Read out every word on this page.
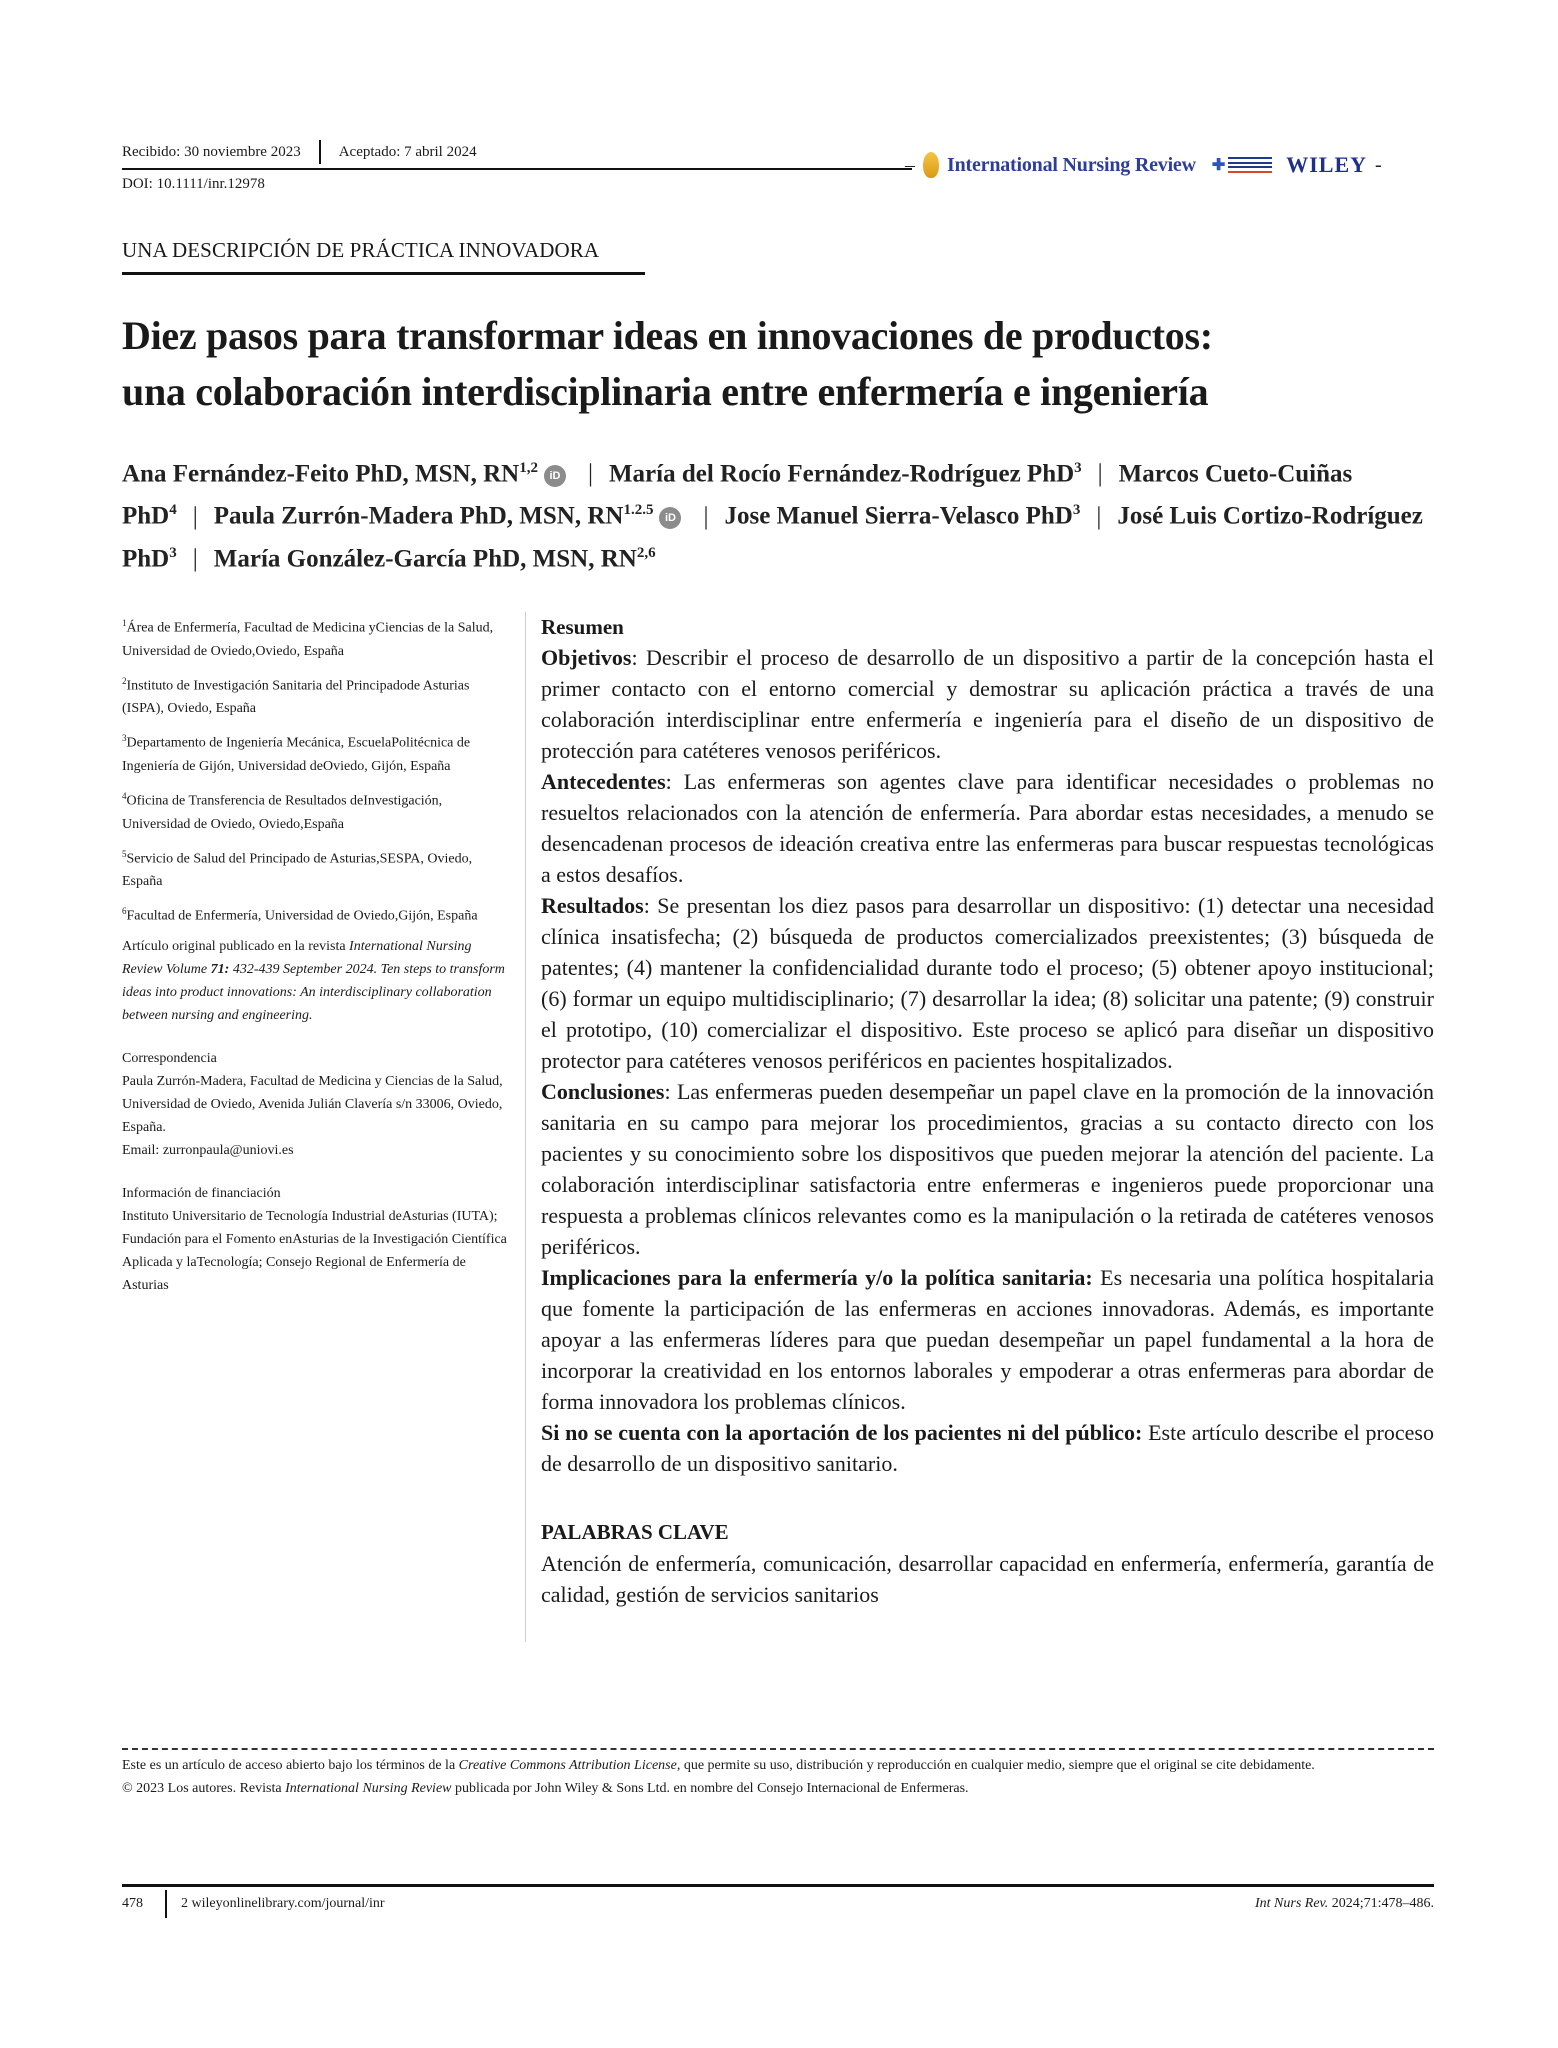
Recibido: 30 noviembre 2023	Aceptado: 7 abril 2024
DOI: 10.1111/inr.12978
– International Nursing Review ✚	WILEY -
UNA DESCRIPCIÓN DE PRÁCTICA INNOVADORA
Diez pasos para transformar ideas en innovaciones de productos:
una colaboración interdisciplinaria entre enfermería e ingeniería
Ana Fernández-Feito PhD, MSN, RN$^{1,2}$ iD | María del Rocío Fernández-Rodríguez PhD$^3$ | Marcos Cueto-Cuiñas PhD$^4$ | Paula Zurrón-Madera PhD, MSN, $RN^{1.2.5}$ iD | Jose Manuel Sierra-Velasco PhD$^3$ | José Luis Cortizo-Rodríguez PhD$^3$ | María González-García PhD, MSN, RN$^{2,6}$
$^1$Área de Enfermería, Facultad de Medicina yCiencias de la Salud, Universidad de Oviedo,Oviedo, España
$^2$Instituto de Investigación Sanitaria del Principadode Asturias (ISPA), Oviedo, España
$^3$Departamento de Ingeniería Mecánica, EscuelaPolitécnica de Ingeniería de Gijón, Universidad deOviedo, Gijón, España
$^4$Oficina de Transferencia de Resultados deInvestigación, Universidad de Oviedo, Oviedo,España
$^5$Servicio de Salud del Principado de Asturias,SESPA, Oviedo, España
$^6$Facultad de Enfermería, Universidad de Oviedo,Gijón, España
Artículo original publicado en la revista International Nursing Review Volume 71: 432-439 September 2024. Ten steps to transform ideas into product innovations: An interdisciplinary collaboration between nursing and engineering.
Correspondencia
Paula Zurrón-Madera, Facultad de Medicina y Ciencias de la Salud, Universidad de Oviedo, Avenida Julián Clavería s/n 33006, Oviedo, España.
Email: zurronpaula@uniovi.es
Información de financiación
Instituto Universitario de Tecnología Industrial deAsturias (IUTA); Fundación para el Fomento enAsturias de la Investigación Científica Aplicada y laTecnología; Consejo Regional de Enfermería de Asturias
Resumen

Objetivos: Describir el proceso de desarrollo de un dispositivo a partir de la concepción hasta el primer contacto con el entorno comercial y demostrar su aplicación práctica a través de una colaboración interdisciplinar entre enfermería e ingeniería para el diseño de un dispositivo de protección para catéteres venosos periféricos.

Antecedentes: Las enfermeras son agentes clave para identificar necesidades o problemas no resueltos relacionados con la atención de enfermería. Para abordar estas necesidades, a menudo se desencadenan procesos de ideación creativa entre las enfermeras para buscar respuestas tecnológicas a estos desafíos.

Resultados: Se presentan los diez pasos para desarrollar un dispositivo: (1) detectar una necesidad clínica insatisfecha; (2) búsqueda de productos comercializados preexistentes; (3) búsqueda de patentes; (4) mantener la confidencialidad durante todo el proceso; (5) obtener apoyo institucional; (6) formar un equipo multidisciplinario; (7) desarrollar la idea; (8) solicitar una patente; (9) construir el prototipo, (10) comercializar el dispositivo. Este proceso se aplicó para diseñar un dispositivo protector para catéteres venosos periféricos en pacientes hospitalizados.

Conclusiones: Las enfermeras pueden desempeñar un papel clave en la promoción de la innovación sanitaria en su campo para mejorar los procedimientos, gracias a su contacto directo con los pacientes y su conocimiento sobre los dispositivos que pueden mejorar la atención del paciente. La colaboración interdisciplinar satisfactoria entre enfermeras e ingenieros puede proporcionar una respuesta a problemas clínicos relevantes como es la manipulación o la retirada de catéteres venosos periféricos.

Implicaciones para la enfermería y/o la política sanitaria: Es necesaria una política hospitalaria que fomente la participación de las enfermeras en acciones innovadoras. Además, es importante apoyar a las enfermeras líderes para que puedan desempeñar un papel fundamental a la hora de incorporar la creatividad en los entornos laborales y empoderar a otras enfermeras para abordar de forma innovadora los problemas clínicos.

Si no se cuenta con la aportación de los pacientes ni del público: Este artículo describe el proceso de desarrollo de un dispositivo sanitario.

PALABRAS CLAVE

Atención de enfermería, comunicación, desarrollar capacidad en enfermería, enfermería, garantía de calidad, gestión de servicios sanitarios

Este es un artículo de acceso abierto bajo los términos de la Creative Commons Attribution License, que permite su uso, distribución y reproducción en cualquier medio, siempre que el original se cite debidamente.
© 2023 Los autores. Revista International Nursing Review publicada por John Wiley & Sons Ltd. en nombre del Consejo Internacional de Enfermeras.
478	2 wileyonlinelibrary.com/journal/inr	Int Nurs Rev. 2024;71:478–486.
